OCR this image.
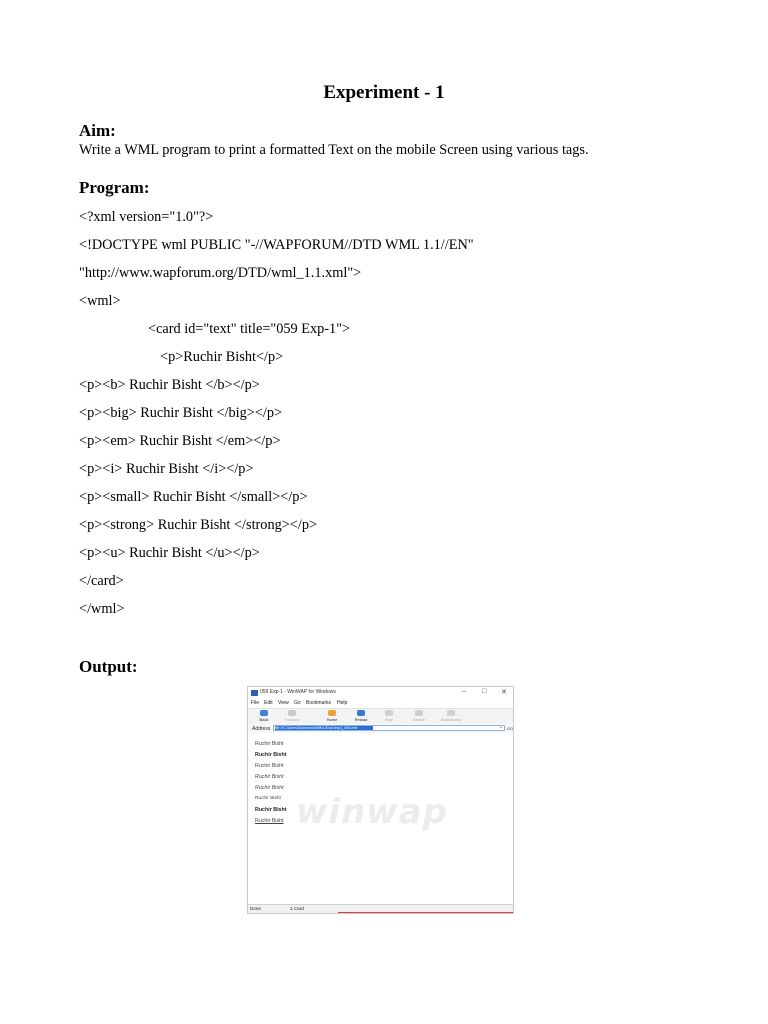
Experiment - 1
Aim:
Write a WML program to print a formatted Text on the mobile Screen using various tags.
Program:
<?xml version="1.0"?>
<!DOCTYPE wml PUBLIC "-//WAPFORUM//DTD WML 1.1//EN"
"http://www.wapforum.org/DTD/wml_1.1.xml">
<wml>
<card id="text" title="059 Exp-1">
<p>Ruchir Bisht</p>
<p><b> Ruchir Bisht </b></p>
<p><big> Ruchir Bisht </big></p>
<p><em> Ruchir Bisht </em></p>
<p><i> Ruchir Bisht </i></p>
<p><small> Ruchir Bisht </small></p>
<p><strong> Ruchir Bisht </strong></p>
<p><u> Ruchir Bisht </u></p>
</card>
</wml>
Output:
059 Exp-1 - WinWAP for Windows	– □ ✕
File Edit View Go Bookmarks Help
Back	Forward	Home	Reload	Stop	Search	Bookmarks
Address file:///C:/Users/Documents/WML/Exp1/exp1_059.wml	⌄ GO
winwap
Ruchir Bisht
Ruchir Bisht
Ruchir Bisht
Ruchir Bisht
Ruchir Bisht
Ruchir Bisht
Ruchir Bisht
Ruchir Bisht
Done	1 Card
